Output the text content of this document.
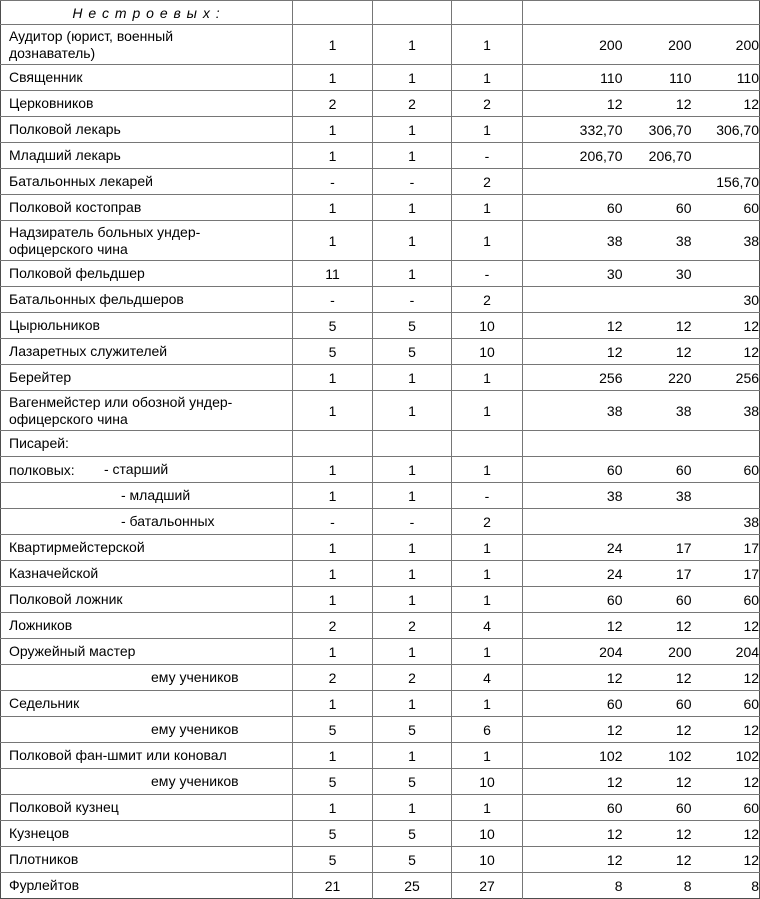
Н е с т р о е в ы х :						

Аудитор (юрист, военный
дознаватель)	1	1	1	200	200	200

Священник	1	1	1	110	110	110

Церковников	2	2	2	12	12	12

Полковой лекарь	1	1	1	332,70	306,70	306,70

Младший лекарь	1	1	-	206,70	206,70	

Батальонных лекарей	-	-	2			156,70

Полковой костоправ	1	1	1	60	60	60

Надзиратель больных ундер-
офицерского чина	1	1	1	38	38	38

Полковой фельдшер	11	1	-	30	30	

Батальонных фельдшеров	-	-	2			30

Цырюльников	5	5	10	12	12	12

Лазаретных служителей	5	5	10	12	12	12

Берейтер	1	1	1	256	220	256

Вагенмейстер или обозной ундер-
офицерского чина	1	1	1	38	38	38

Писарей:						

полковых: - старший	1	1	1	60	60	60

- младший	1	1	-	38	38	

- батальонных	-	-	2			38

Квартирмейстерской	1	1	1	24	17	17

Казначейской	1	1	1	24	17	17

Полковой ложник	1	1	1	60	60	60

Ложников	2	2	4	12	12	12

Оружейный мастер	1	1	1	204	200	204

ему учеников	2	2	4	12	12	12

Седельник	1	1	1	60	60	60

ему учеников	5	5	6	12	12	12

Полковой фан-шмит или коновал	1	1	1	102	102	102

ему учеников	5	5	10	12	12	12

Полковой кузнец	1	1	1	60	60	60

Кузнецов	5	5	10	12	12	12

Плотников	5	5	10	12	12	12

Фурлейтов	21	25	27	8	8	8
